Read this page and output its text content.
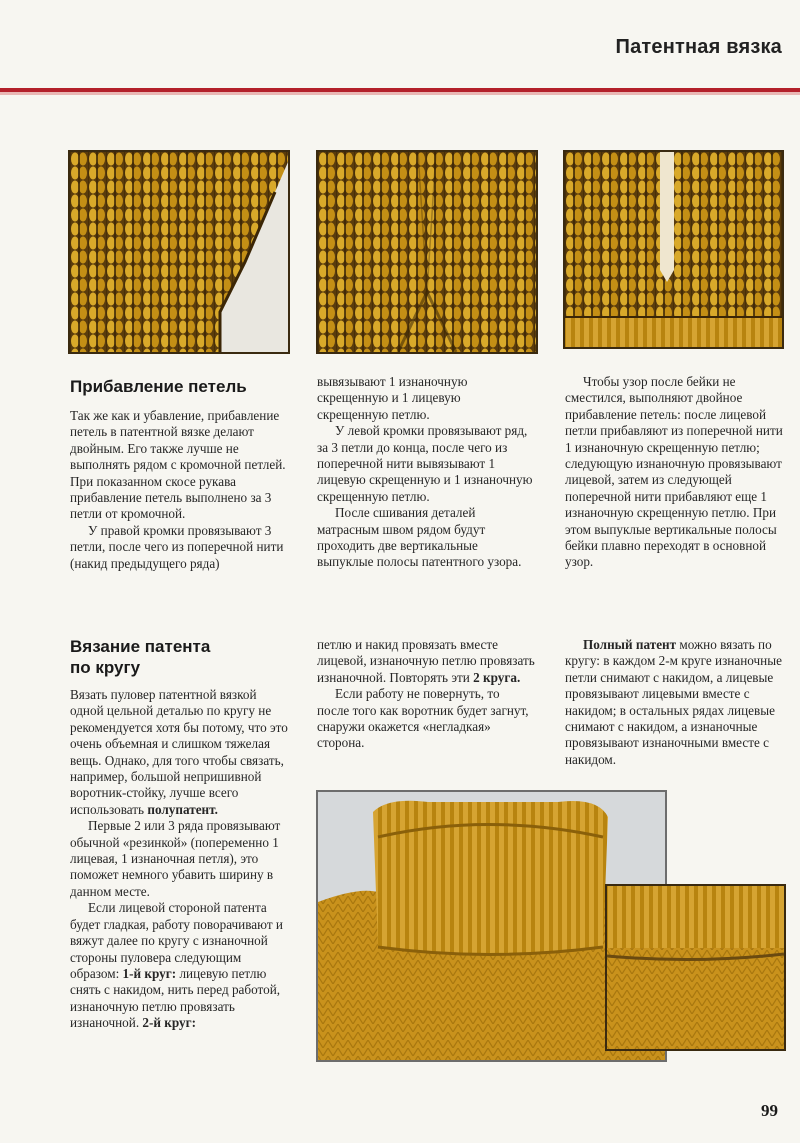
Патентная вязка
Прибавление петель

Так же как и убавление, прибавление петель в патентной вязке делают двойным. Его также лучше не выполнять рядом с кромочной петлей. При показанном скосе рукава прибавление петель выполнено за 3 петли от кромочной.

У правой кромки провязывают 3 петли, после чего из поперечной нити (накид предыдущего ряда)

вывязывают 1 изнаночную скрещенную и 1 лицевую скрещенную петлю.

У левой кромки провязывают ряд, за 3 петли до конца, после чего из поперечной нити вывязывают 1 лицевую скрещенную и 1 изнаночную скрещенную петлю.

После сшивания деталей матрасным швом рядом будут проходить две вертикальные выпуклые полосы патентного узора.

Чтобы узор после бейки не сместился, выполняют двойное прибавление петель: после лицевой петли прибавляют из поперечной нити 1 изнаночную скрещенную петлю; следующую изнаночную провязывают лицевой, затем из следующей поперечной нити прибавляют еще 1 изнаночную скрещенную петлю. При этом выпуклые вертикальные полосы бейки плавно переходят в основной узор.

Вязание патента
по кругу

Вязать пуловер патентной вязкой одной цельной деталью по кругу не рекомендуется хотя бы потому, что это очень объемная и слишком тяжелая вещь. Однако, для того чтобы связать, например, большой непришивной воротник-стойку, лучше всего использовать полупатент.

Первые 2 или 3 ряда провязывают обычной «резинкой» (попеременно 1 лицевая, 1 изнаночная петля), это поможет немного убавить ширину в данном месте.

Если лицевой стороной патента будет гладкая, работу поворачивают и вяжут далее по кругу с изнаночной стороны пуловера следующим образом: 1-й круг: лицевую петлю снять с накидом, нить перед работой, изнаночную петлю провязать изнаночной. 2-й круг:

петлю и накид провязать вместе лицевой, изнаночную петлю провязать изнаночной. Повторять эти 2 круга.

Если работу не повернуть, то после того как воротник будет загнут, снаружи окажется «негладкая» сторона.

Полный патент можно вязать по кругу: в каждом 2-м круге изнаночные петли снимают с накидом, а лицевые провязывают лицевыми вместе с накидом; в остальных рядах лицевые снимают с накидом, а изнаночные провязывают изнаночными вместе с накидом.

99
